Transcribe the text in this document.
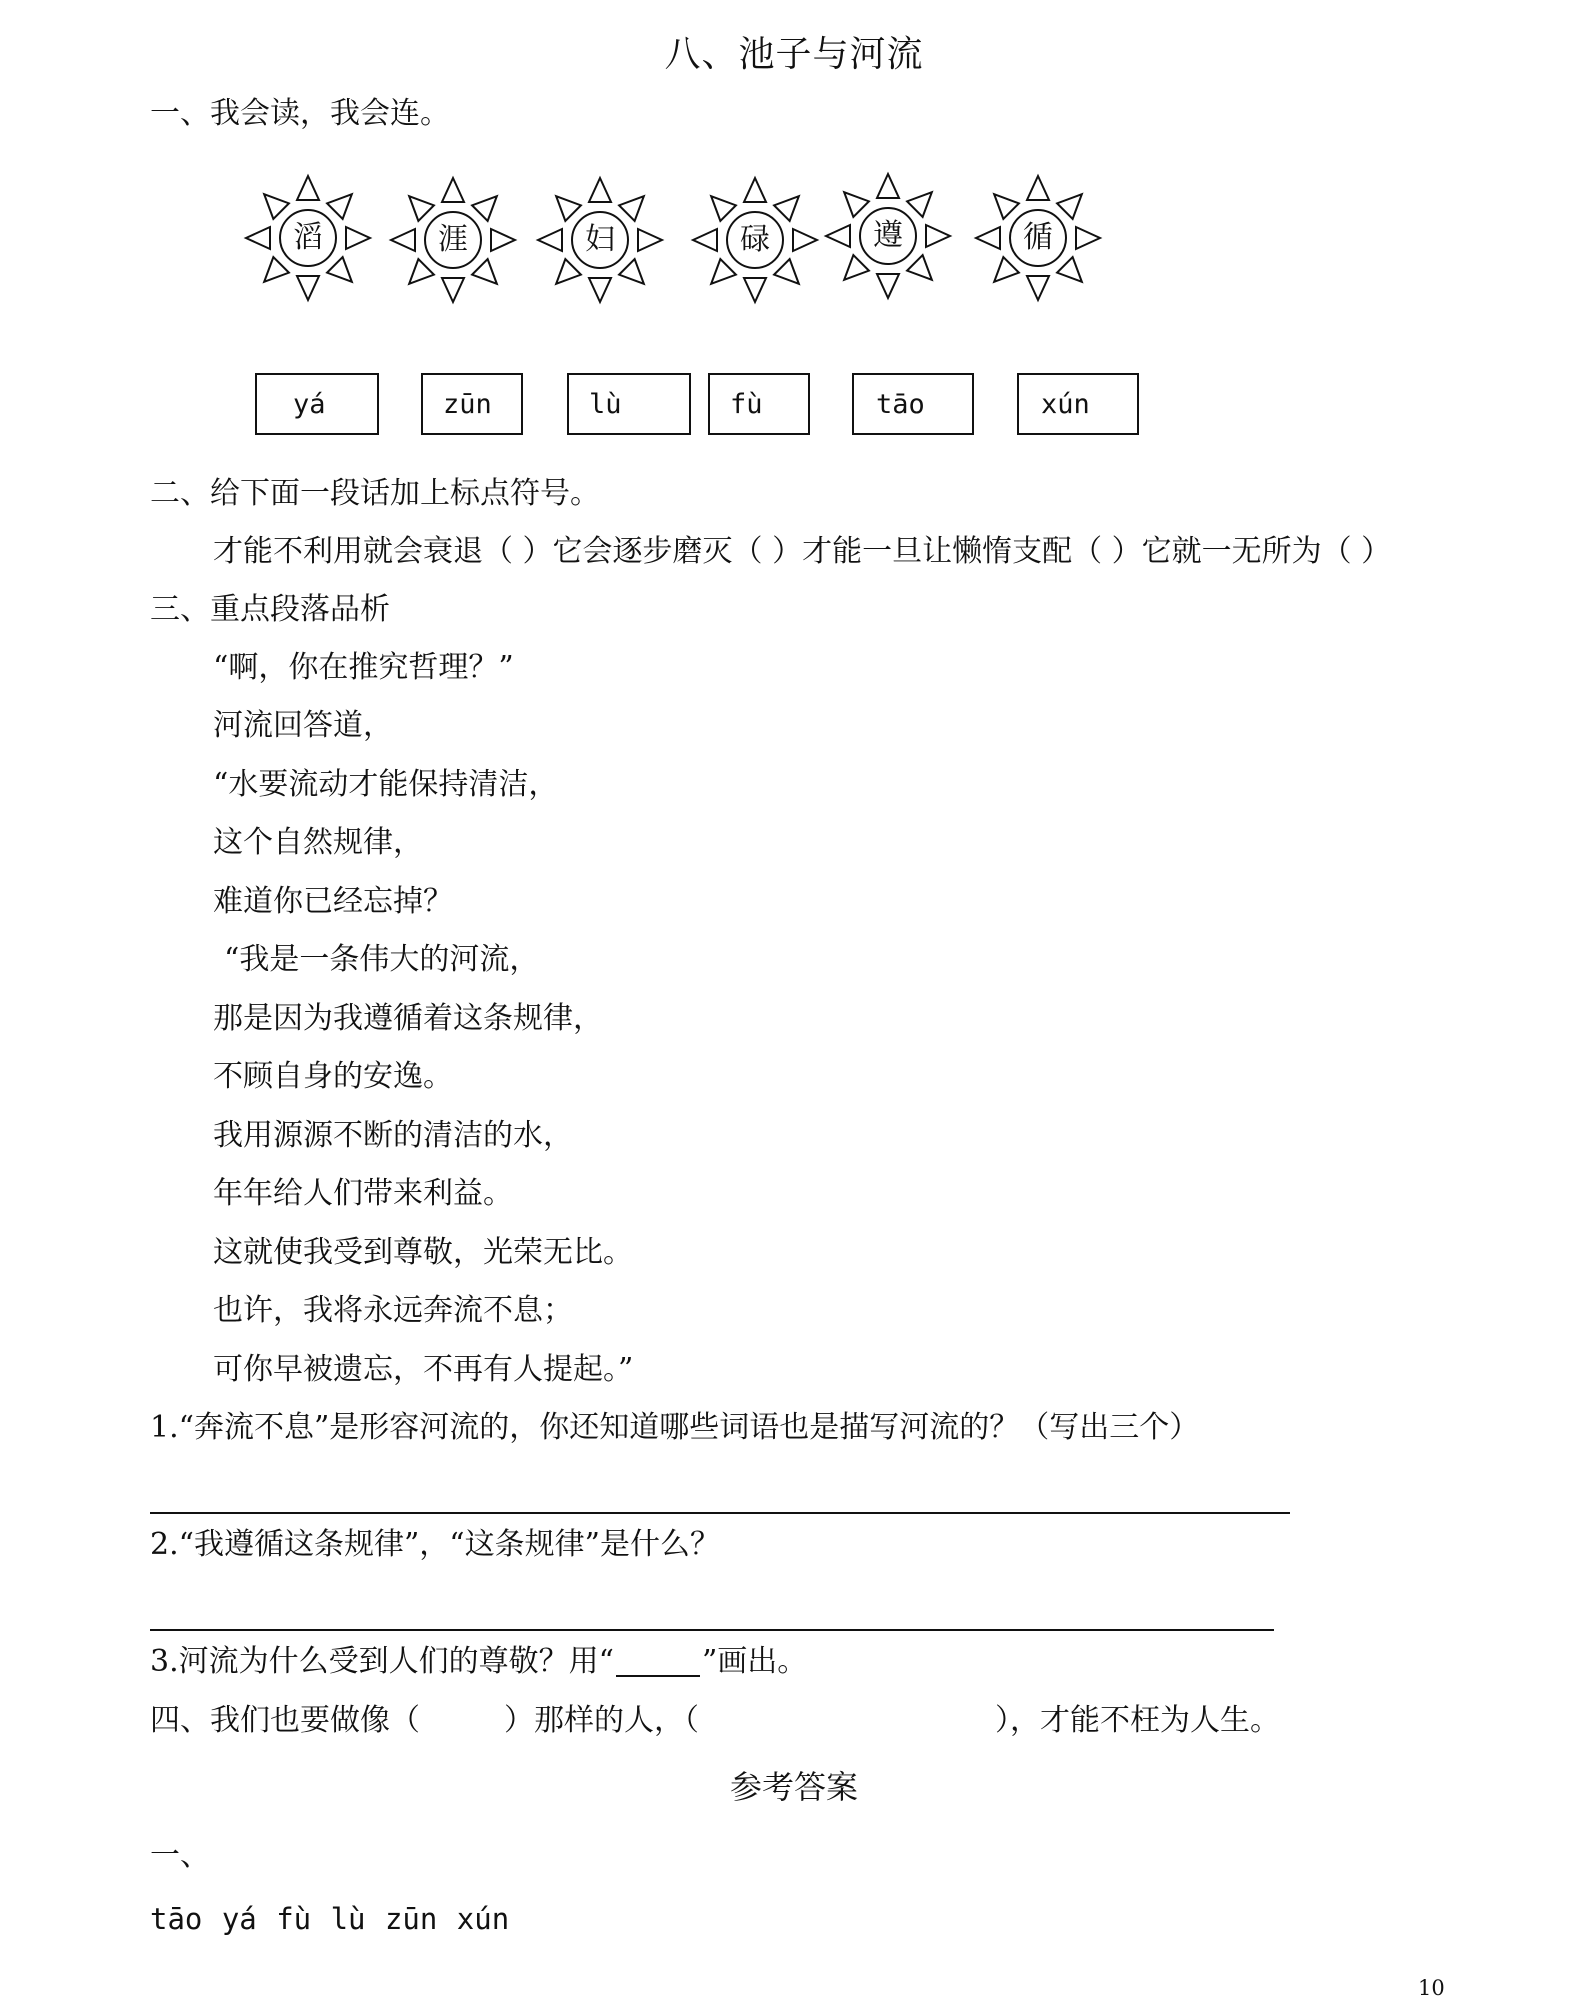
八、池子与河流
一、我会读，我会连。
滔	涯	妇	碌	遵	循
yá	zūn	lù	fù	tāo	xún
二、给下面一段话加上标点符号。
才能不利用就会衰退（ ）它会逐步磨灭（ ）才能一旦让懒惰支配（ ）它就一无所为（ ）
三、重点段落品析
“啊，你在推究哲理？”
河流回答道，
“水要流动才能保持清洁，
这个自然规律，
难道你已经忘掉？
“我是一条伟大的河流，
那是因为我遵循着这条规律，
不顾自身的安逸。
我用源源不断的清洁的水，
年年给人们带来利益。
这就使我受到尊敬，光荣无比。
也许，我将永远奔流不息；
可你早被遗忘，不再有人提起。”
1.“奔流不息”是形容河流的，你还知道哪些词语也是描写河流的？（写出三个）
2.“我遵循这条规律”，“这条规律”是什么？
3.河流为什么受到人们的尊敬？用“	”画出。
四、我们也要做像（	）那样的人，（	），才能不枉为人生。
参考答案
一、
tāo yá fù lù zūn xún
10
